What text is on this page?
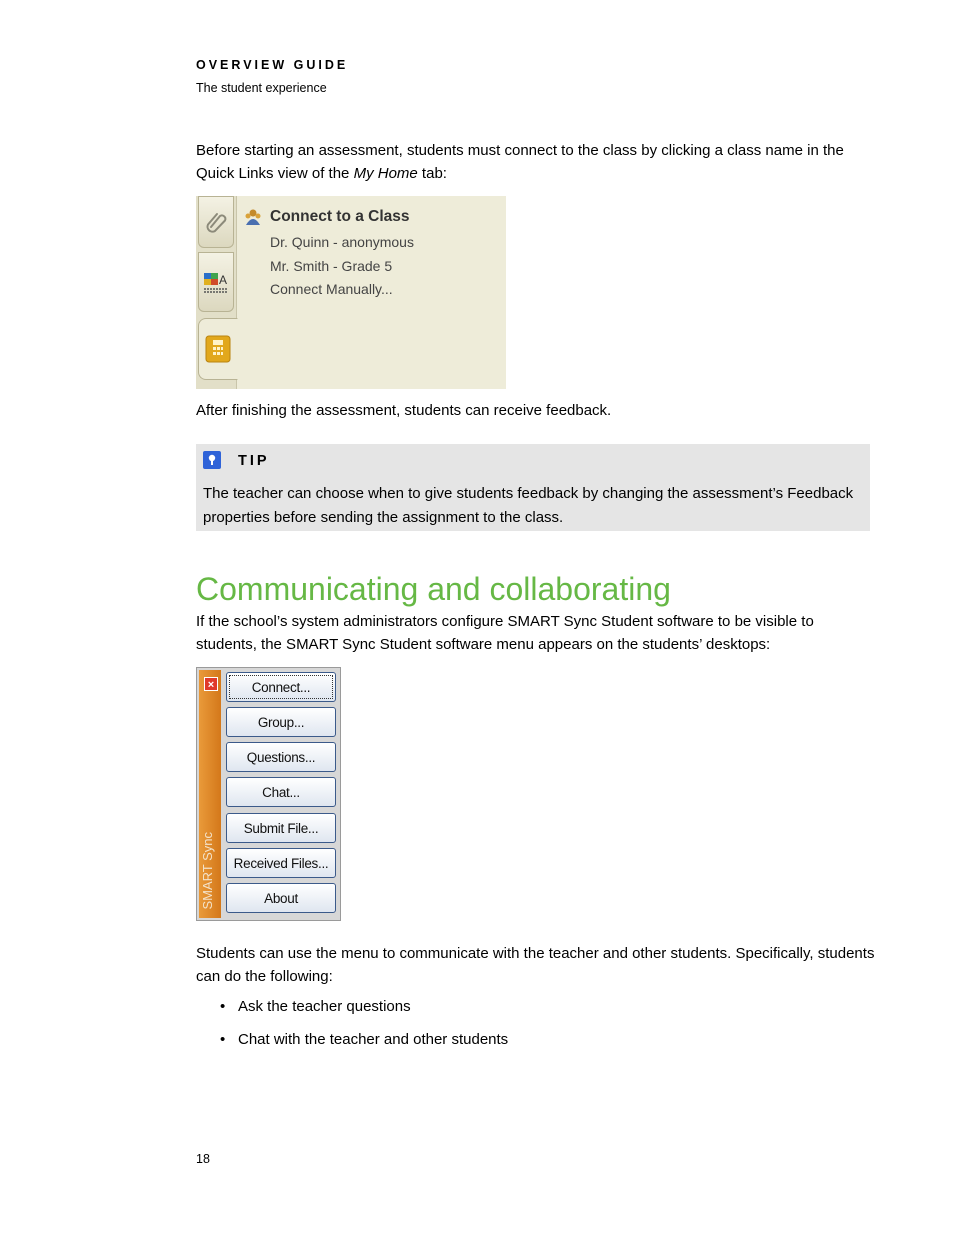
OVERVIEW GUIDE
The student experience
Before starting an assessment, students must connect to the class by clicking a class name in the Quick Links view of the My Home tab:
A
Connect to a Class
Dr. Quinn - anonymous
Mr. Smith - Grade 5
Connect Manually...
After finishing the assessment, students can receive feedback.
TIP
The teacher can choose when to give students feedback by changing the assessment’s Feedback properties before sending the assignment to the class.
Communicating and collaborating
If the school’s system administrators configure SMART Sync Student software to be visible to students, the SMART Sync Student software menu appears on the students’ desktops:
×
SMART Sync
Connect...
Group...
Questions...
Chat...
Submit File...
Received Files...
About
Students can use the menu to communicate with the teacher and other students. Specifically, students can do the following:
• Ask the teacher questions
• Chat with the teacher and other students
18
